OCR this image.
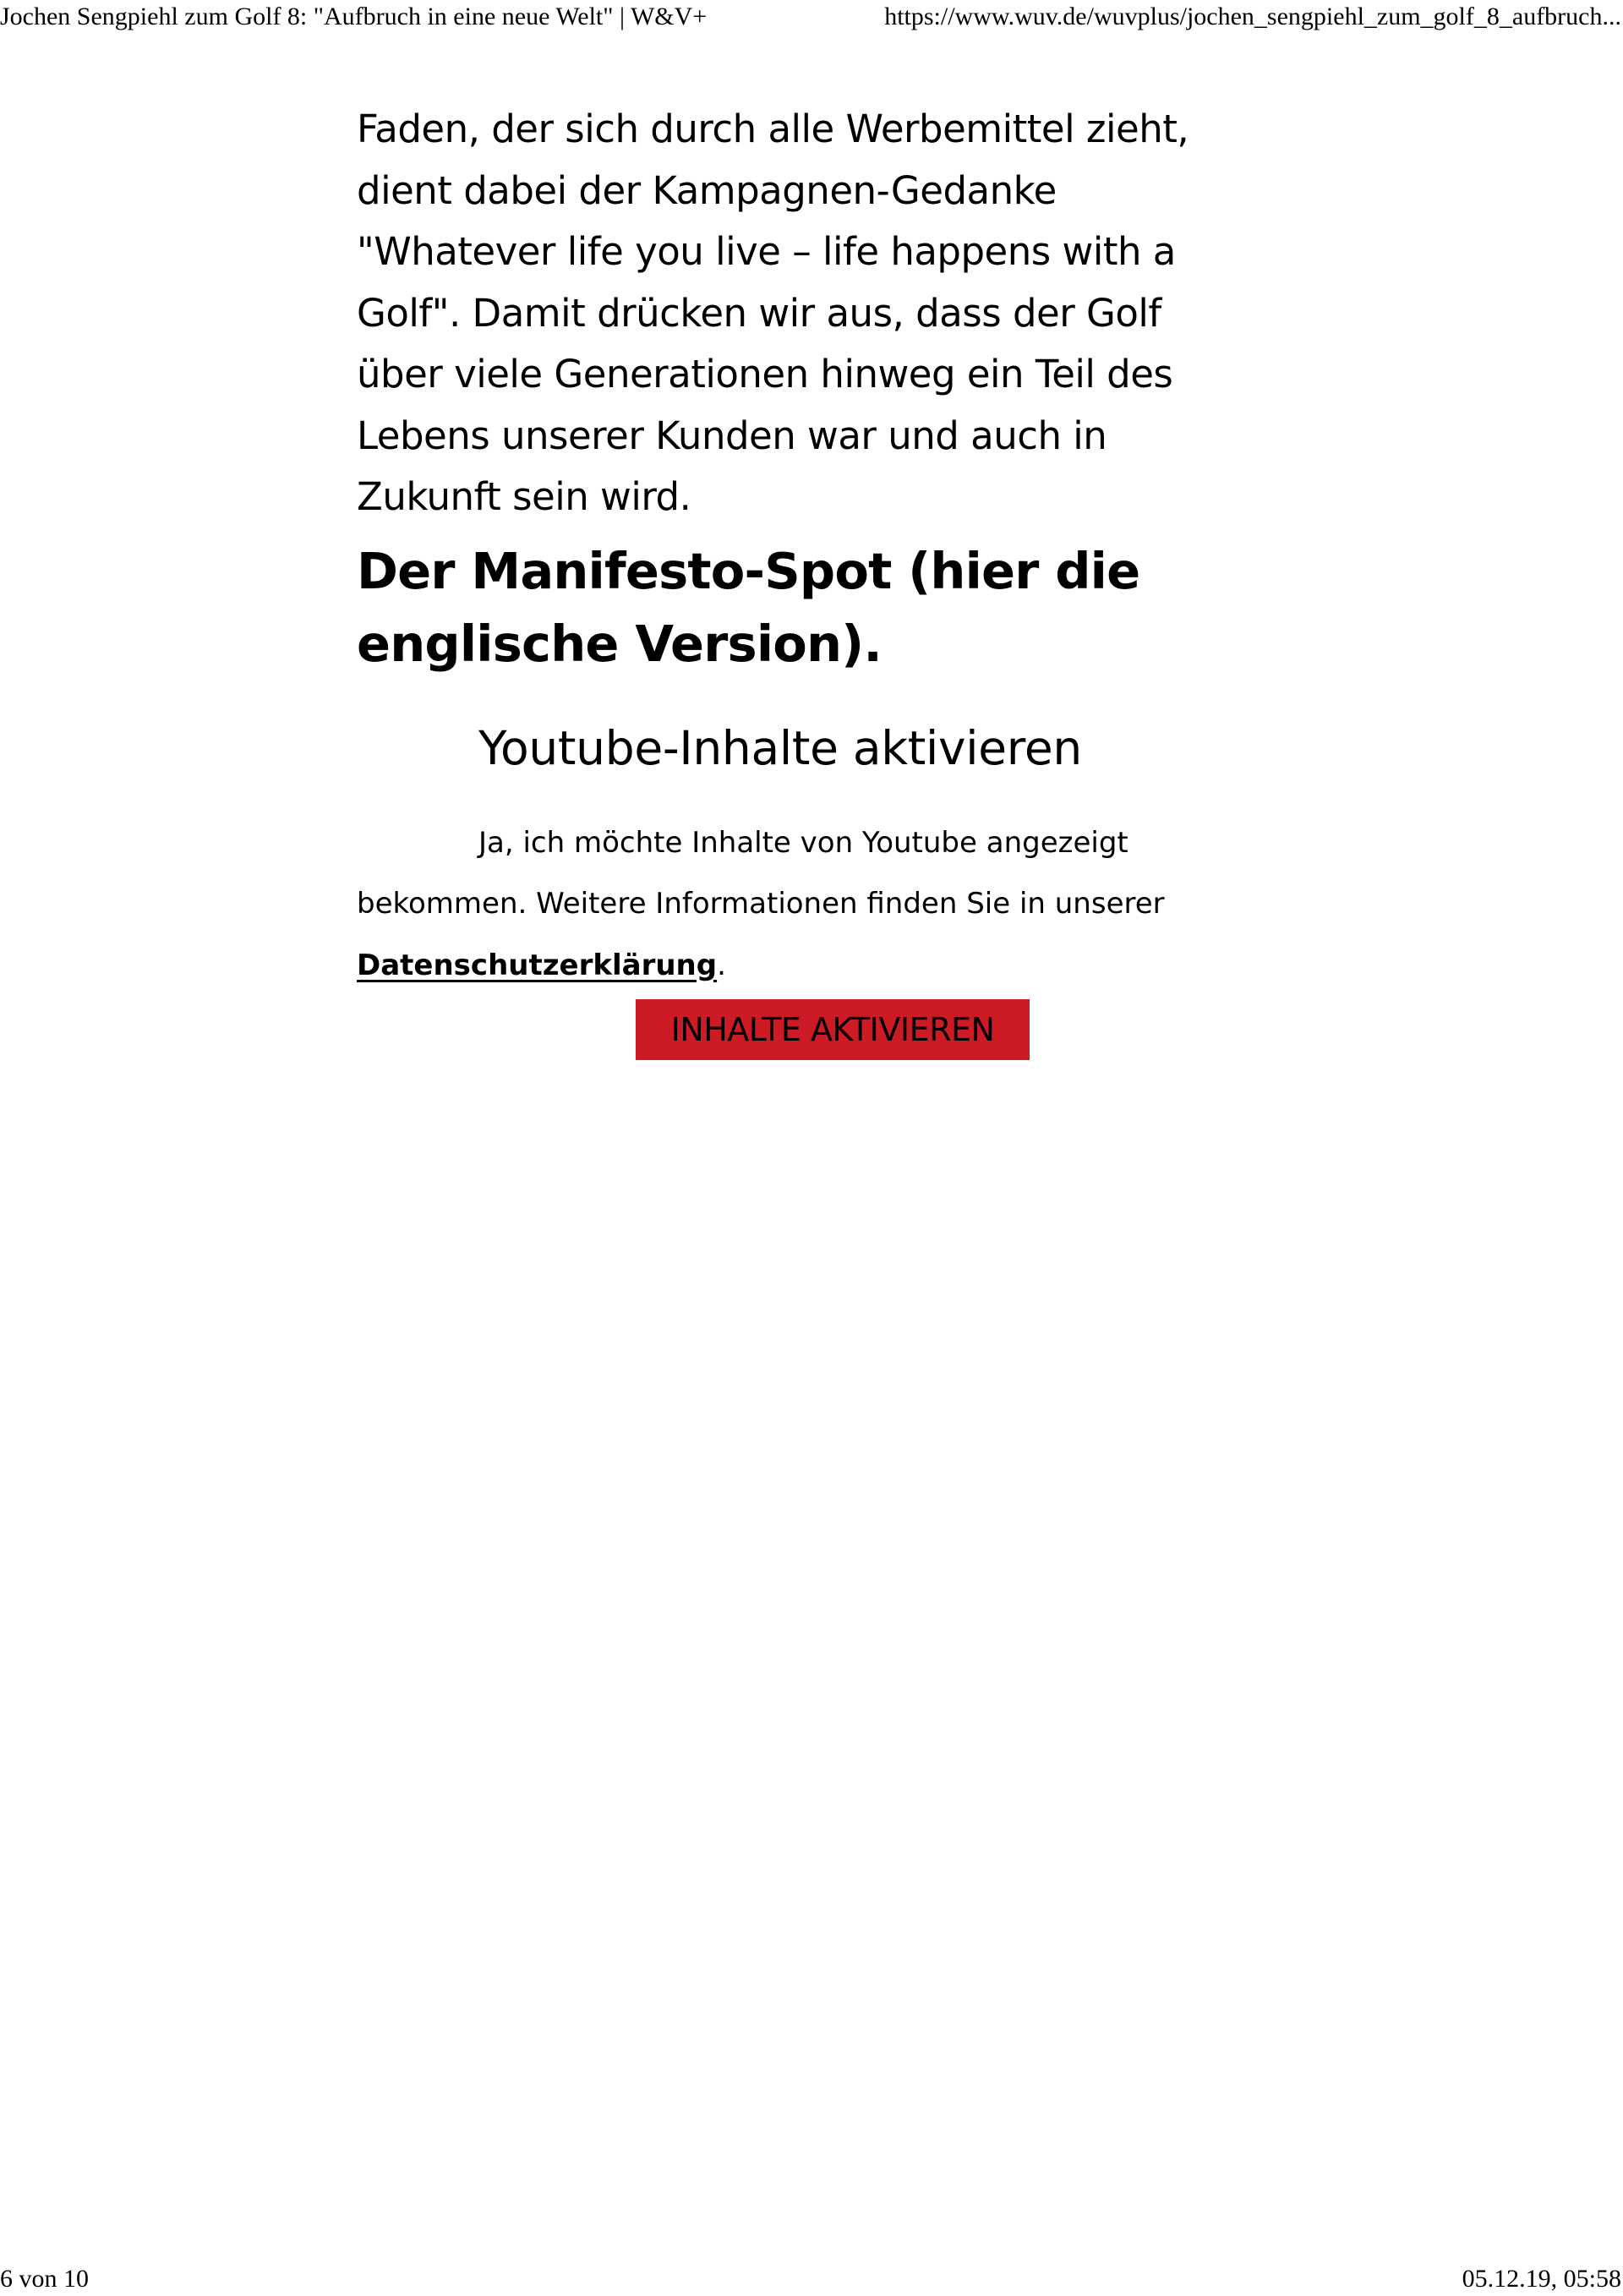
Jochen Sengpiehl zum Golf 8: "Aufbruch in eine neue Welt" | W&V+	https://www.wuv.de/wuvplus/jochen_sengpiehl_zum_golf_8_aufbruch...

Faden, der sich durch alle Werbemittel zieht, dient dabei der Kampagnen-Gedanke "Whatever life you live – life happens with a Golf". Damit drücken wir aus, dass der Golf über viele Generationen hinweg ein Teil des Lebens unserer Kunden war und auch in Zukunft sein wird.

Der Manifesto-Spot (hier die englische Version).
Youtube-Inhalte aktivieren

Ja, ich möchte Inhalte von Youtube angezeigt bekommen. Weitere Informationen finden Sie in unserer Datenschutzerklärung.

INHALTE AKTIVIEREN
6 von 10	05.12.19, 05:58
